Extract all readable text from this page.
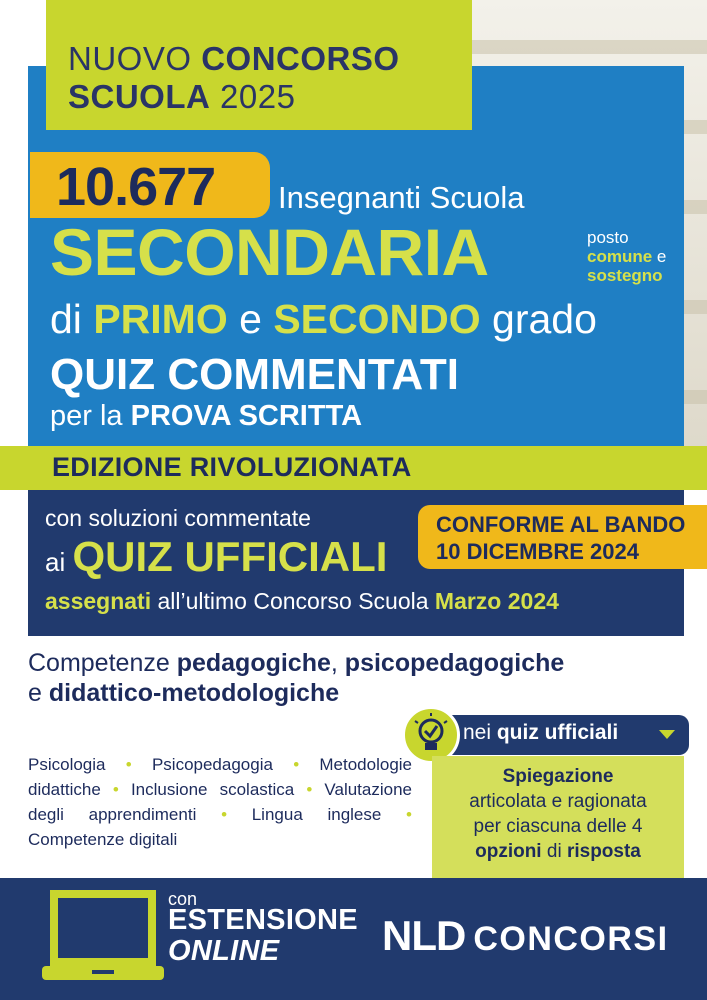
NUOVO CONCORSO
SCUOLA 2025
10.677 Insegnanti Scuola
SECONDARIA	posto
comune e
sostegno
di PRIMO e SECONDO grado
QUIZ COMMENTATI
per la PROVA SCRITTA
EDIZIONE RIVOLUZIONATA
con soluzioni commentate
ai QUIZ UFFICIALI
assegnati all’ultimo Concorso Scuola Marzo 2024
CONFORME AL BANDO
10 DICEMBRE 2024
Competenze pedagogiche, psicopedagogiche
e didattico-metodologiche
Psicologia • Psicopedagogia • Metodologie didattiche • Inclusione scolastica • Valutazione degli apprendimenti • Lingua inglese • Competenze digitali
nei quiz ufficiali
Spiegazione
articolata e ragionata
per ciascuna delle 4
opzioni di risposta
con
ESTENSIONE
ONLINE	NLD CONCORSI
